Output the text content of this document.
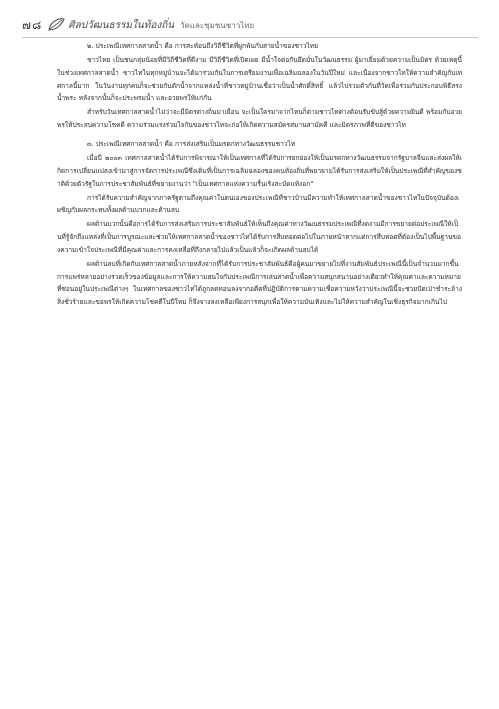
๗๘	ศิลปวัฒนธรรมในท้องถิ่น วัดและชุมชนชาวไทย

๒. ประเพณีเทศกาลสาดน้ำ คือ การสะท้อนถึงวิถีชีวิตที่ผูกพันกับสายน้ำของชาวไทย

ชาวไทย เป็นชนกลุ่มน้อยที่มีวิถีชีวิตที่ดีงาม มีวิถีชีวิตที่เปิดเผย มีน้ำใจต่อกันยึดมั่นในวัฒนธรรม ผู้มาเยี่ยมด้วยความเป็นมิตร ด้วยเหตุนี้ในช่วงเทศกาลสาดน้ำ ชาวไทในทุกหมู่บ้านจะได้มาร่วมกันในการเตรียมงานเพื่อเฉลิมฉลองในวันปีใหม่ และเนื่องจากชาวไทให้ความสำคัญกับเทศกาลนี้มาก ในวันงานทุกคนก็จะช่วยกันตักน้ำจากแหล่งน้ำที่ชาวหมู่บ้านเชื่อว่าเป็นน้ำศักดิ์สิทธิ์ แล้วไปรวมตัวกันที่วัดเพื่อร่วมกันประกอบพิธีสรงน้ำพระ หลังจากนั้นก็จะประพรมน้ำ และอวยพรให้แก่กัน

สำหรับวันเทศกาลสาดน้ำไม่ว่าจะมีมิตรต่างถิ่นมาเยือน จะเป็นใครมาจากไหนก็ตามชาวไทต่างต้อนรับขับสู้ด้วยความยินดี พร้อมกับอวยพรให้ประสบความโชคดี ความร่วมแรงร่วมใจกันของชาวไทจะก่อให้เกิดความสมัครสมานสามัคคี และมิตรภาพที่ดีของชาวไท

๓. ประเพณีเทศกาลสาดน้ำ คือ การส่งเสริมเป็นมรดกทางวัฒนธรรมชาวไท

เมื่อปี ๒๐๐๓ เทศกาลสาดน้ำได้รับการพิจารณาให้เป็นเทศกาลที่ได้รับการยกย่องให้เป็นมรดกทางวัฒนธรรมจากรัฐบาลจีนและส่งผลให้เกิดการเปลี่ยนแปลงเข้ามาสู่การจัดการประเพณีซึ่งเดิมที่เป็นการเฉลิมฉลองของคนท้องถิ่นที่พยายามได้รับการส่งเสริมให้เป็นประเพณีที่สำคัญของชาติด้วยตัวรัฐในการประชาสัมพันธ์ที่ขยายงานว่า "เป็นเทศกาลแห่งความรื่นเริงสะบัดแท้งอก"

การได้รับความสำคัญจากภาครัฐตามถึงคุณค่าในตนเองของประเพณีที่ชาวบ้านมีความทำให้เทศกาลสาดน้ำของชาวไทในปัจจุบันต้องเผชิญกับผลกระทบทั้งผลด้านบวกและด้านลบ

ผลด้านบวกนั้นคือการได้รับการส่งเสริมการประชาสัมพันธ์ให้เห็นถึงคุณค่าทางวัฒนธรรมประเพณีที่งดงามมีการขยายต่อประเพณีให้เป็นที่รู้จักถึงแหล่งที่เป็นการบูรณะและช่วยให้เทศกาลสาดน้ำของชาวไทได้รับการสืบทอดต่อไปในภายหน้าหากแต่การสืบทอดที่ต้องเป็นไปพื้นฐานของความเข้าใจประเพณีที่มีคุณค่าและการคงเหลือที่ถึงกลายไปแล้วเป็นแล้วก็จะเกิดผลด้านลบได้

ผลด้านลบที่เกิดกับเทศกาลสาดน้ำภายหลังจากที่ได้รับการประชาสัมพันธ์คือผู้คนมาขยายไปที่งานสัมพันธ์ประเพณีนี้เป็นจำนวนมากขึ้น การแพร่หลายอย่างรวดเร็วของข้อมูลและการให้ความสนใจกับประเพณีการเล่นสาดน้ำเพื่อความสนุกสนานอย่างเดียวทำให้คุณค่าและความหมายที่ซ่อนอยู่ในประเพณีต่างๆ ในเทศกาลของชาวไทได้ถูกลดทอนลงจากอดีตที่ปฏิบัติการตามความเชื่อความหวังว่าประเพณีนี้จะช่วยปัดเป่าชำระล้างสิ่งชั่วร้ายและขอพรให้เกิดความโชคดีในปีใหม่ ก็จึงจางลงเหลือเพียงการสนุกเพื่อให้ความบันเทิงและไม่ให้ความสำคัญในเชิงธุรกิจมากเกินไป
